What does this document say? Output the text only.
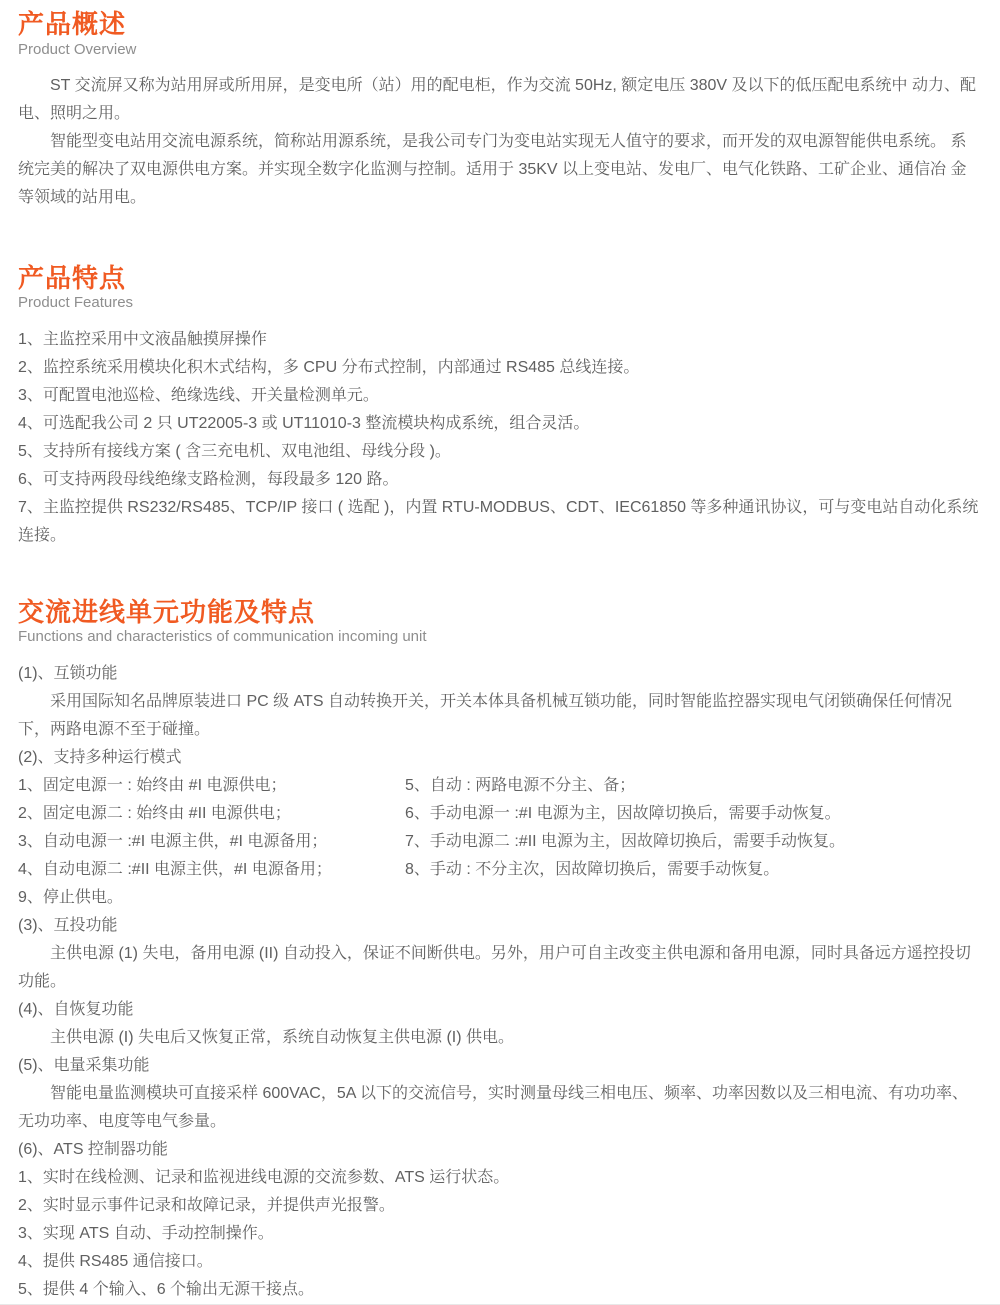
产品概述
Product Overview

ST 交流屏又称为站用屏或所用屏，是变电所（站）用的配电柜，作为交流 50Hz, 额定电压 380V 及以下的低压配电系统中 动力、配电、照明之用。

智能型变电站用交流电源系统，简称站用源系统，是我公司专门为变电站实现无人值守的要求，而开发的双电源智能供电系统。 系统完美的解决了双电源供电方案。并实现全数字化监测与控制。适用于 35KV 以上变电站、发电厂、电气化铁路、工矿企业、通信冶 金等领域的站用电。

产品特点
Product Features
1、主监控采用中文液晶触摸屏操作
2、监控系统采用模块化积木式结构，多 CPU 分布式控制，内部通过 RS485 总线连接。
3、可配置电池巡检、绝缘选线、开关量检测单元。
4、可选配我公司 2 只 UT22005-3 或 UT11010-3 整流模块构成系统，组合灵活。
5、支持所有接线方案 ( 含三充电机、双电池组、母线分段 )。
6、可支持两段母线绝缘支路检测，每段最多 120 路。
7、主监控提供 RS232/RS485、TCP/IP 接口 ( 选配 )，内置 RTU-MODBUS、CDT、IEC61850 等多种通讯协议，可与变电站自动化系统连接。
交流进线单元功能及特点
Functions and characteristics of communication incoming unit
(1)、互锁功能

采用国际知名品牌原装进口 PC 级 ATS 自动转换开关，开关本体具备机械互锁功能，同时智能监控器实现电气闭锁确保任何情况下，两路电源不至于碰撞。

(2)、支持多种运行模式
1、固定电源一 : 始终由 #I 电源供电；
2、固定电源二 : 始终由 #II 电源供电；
3、自动电源一 :#I 电源主供，#I 电源备用；
4、自动电源二 :#II 电源主供，#I 电源备用；
5、自动 : 两路电源不分主、备；
6、手动电源一 :#I 电源为主，因故障切换后，需要手动恢复。
7、手动电源二 :#II 电源为主，因故障切换后，需要手动恢复。
8、手动 : 不分主次，因故障切换后，需要手动恢复。
9、停止供电。
(3)、互投功能

主供电源 (1) 失电，备用电源 (II) 自动投入，保证不间断供电。另外，用户可自主改变主供电源和备用电源，同时具备远方遥控投切功能。

(4)、自恢复功能

主供电源 (I) 失电后又恢复正常，系统自动恢复主供电源 (I) 供电。

(5)、电量采集功能

智能电量监测模块可直接采样 600VAC，5A 以下的交流信号，实时测量母线三相电压、频率、功率因数以及三相电流、有功功率、无功功率、电度等电气参量。

(6)、ATS 控制器功能
1、实时在线检测、记录和监视进线电源的交流参数、ATS 运行状态。
2、实时显示事件记录和故障记录，并提供声光报警。
3、实现 ATS 自动、手动控制操作。
4、提供 RS485 通信接口。
5、提供 4 个输入、6 个输出无源干接点。
